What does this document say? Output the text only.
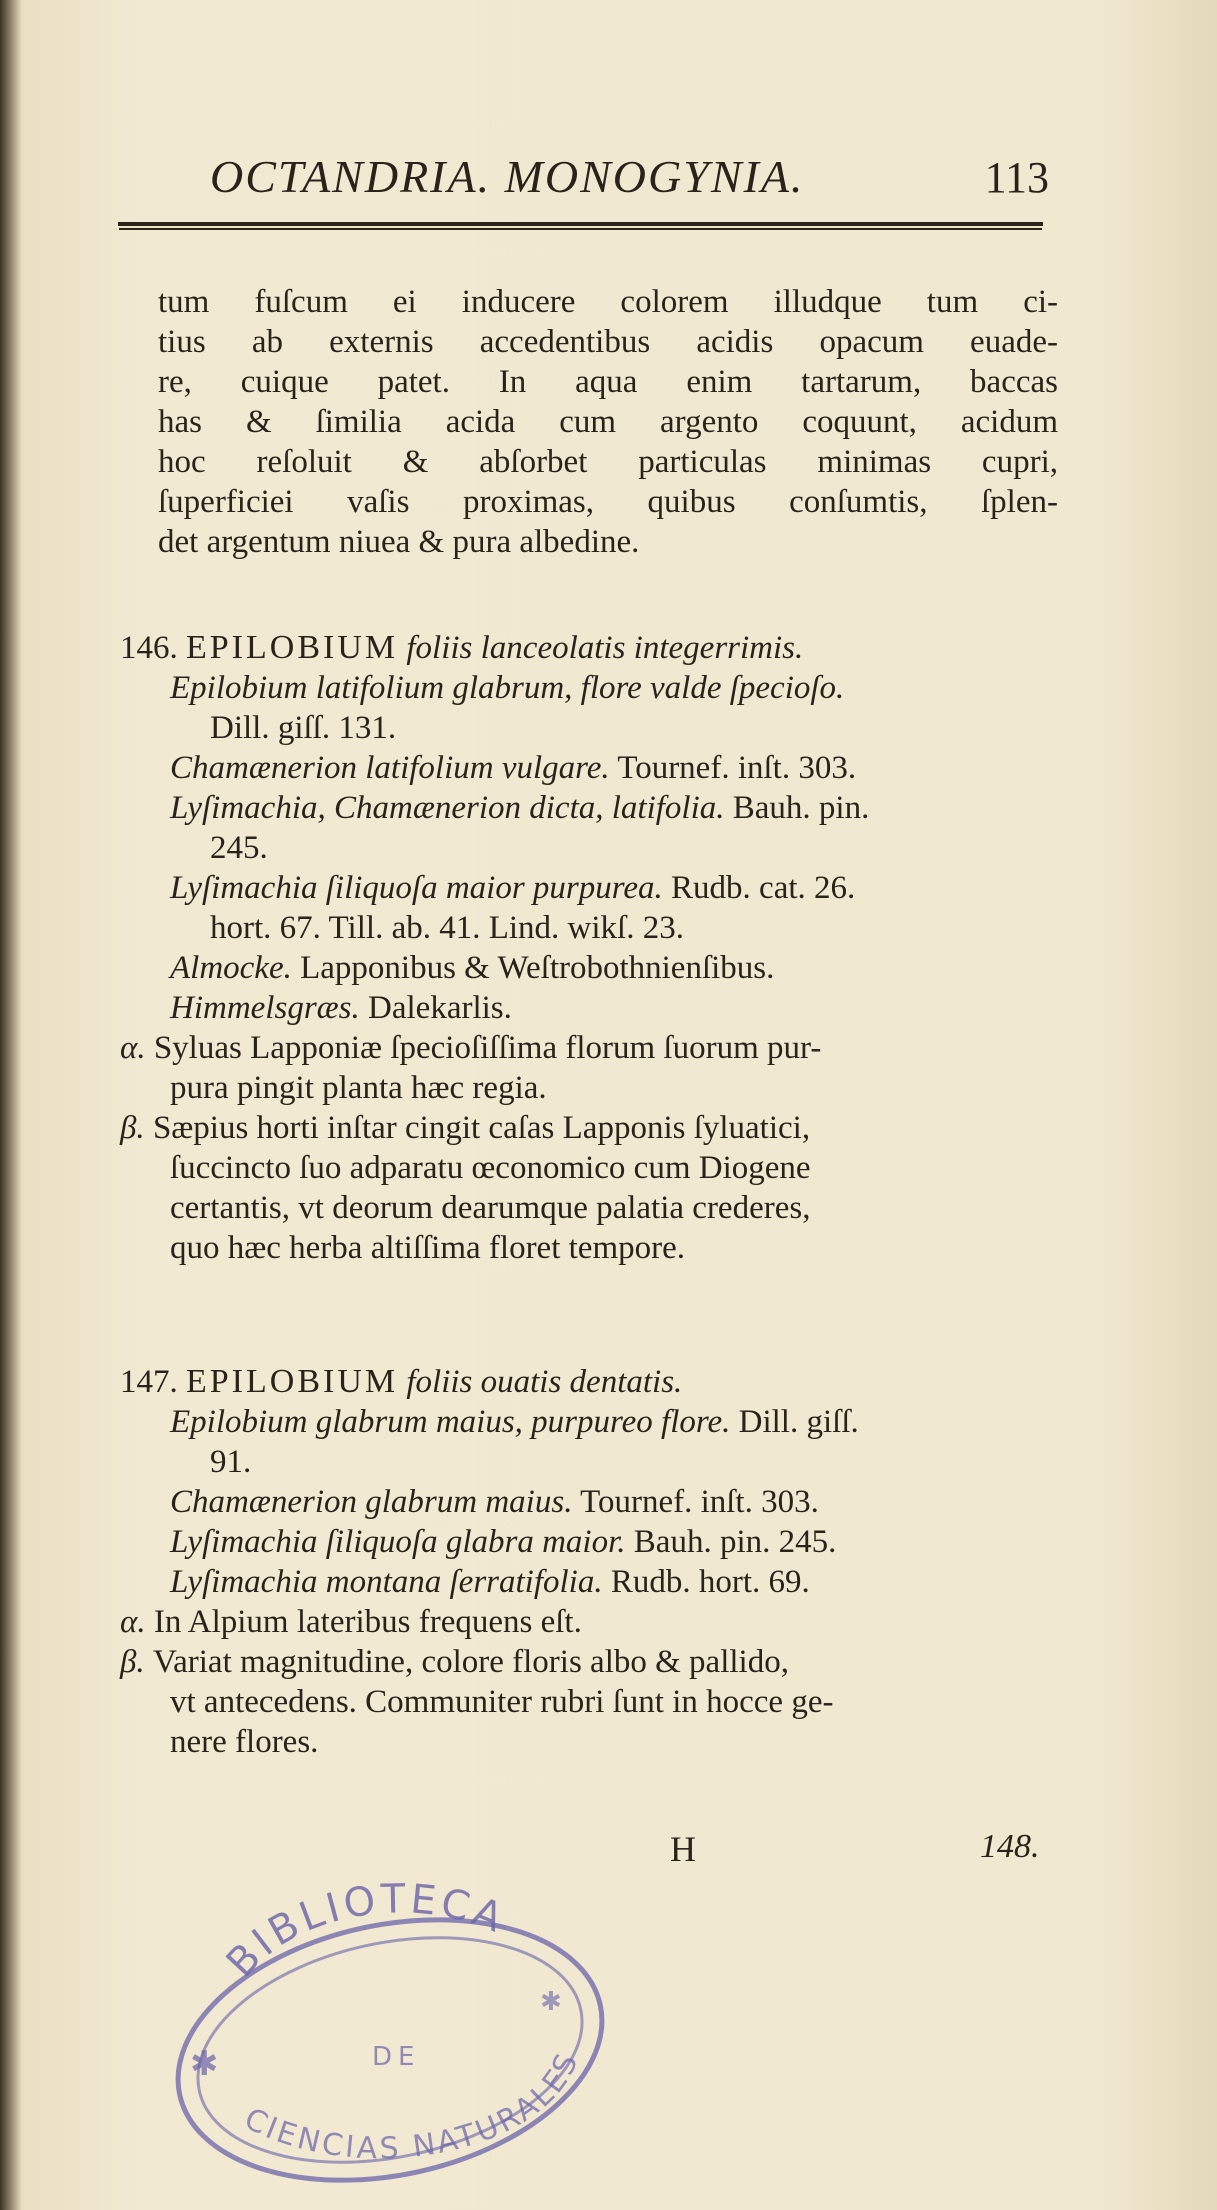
OCTANDRIA. MONOGYNIA.	113
tum fuſcum ei inducere colorem illudque tum ci-
tius ab externis accedentibus acidis opacum euade-
re, cuique patet. In aqua enim tartarum, baccas
has & ſimilia acida cum argento coquunt, acidum
hoc reſoluit & abſorbet particulas minimas cupri,
ſuperficiei vaſis proximas, quibus conſumtis, ſplen-
det argentum niuea & pura albedine.
146. EPILOBIUM foliis lanceolatis integerrimis.
Epilobium latifolium glabrum, flore valde ſpecioſo.
Dill. giſſ. 131.
Chamænerion latifolium vulgare. Tournef. inſt. 303.
Lyſimachia, Chamænerion dicta, latifolia. Bauh. pin.
245.
Lyſimachia ſiliquoſa maior purpurea. Rudb. cat. 26.
hort. 67. Till. ab. 41. Lind. wikſ. 23.
Almocke. Lapponibus & Weſtrobothnienſibus.
Himmelsgræs. Dalekarlis.
α. Syluas Lapponiæ ſpecioſiſſima florum ſuorum pur-
pura pingit planta hæc regia.
β. Sæpius horti inſtar cingit caſas Lapponis ſyluatici,
ſuccincto ſuo adparatu œconomico cum Diogene
certantis, vt deorum dearumque palatia crederes,
quo hæc herba altiſſima floret tempore.
147. EPILOBIUM foliis ouatis dentatis.
Epilobium glabrum maius, purpureo flore. Dill. giſſ.
91.
Chamænerion glabrum maius. Tournef. inſt. 303.
Lyſimachia ſiliquoſa glabra maior. Bauh. pin. 245.
Lyſimachia montana ſerratifolia. Rudb. hort. 69.
α. In Alpium lateribus frequens eſt.
β. Variat magnitudine, colore floris albo & pallido,
vt antecedens. Communiter rubri ſunt in hocce ge-
nere flores.
H	148.
BIBLIOTECA
DE
CIENCIAS NATURALES
✱
✱
